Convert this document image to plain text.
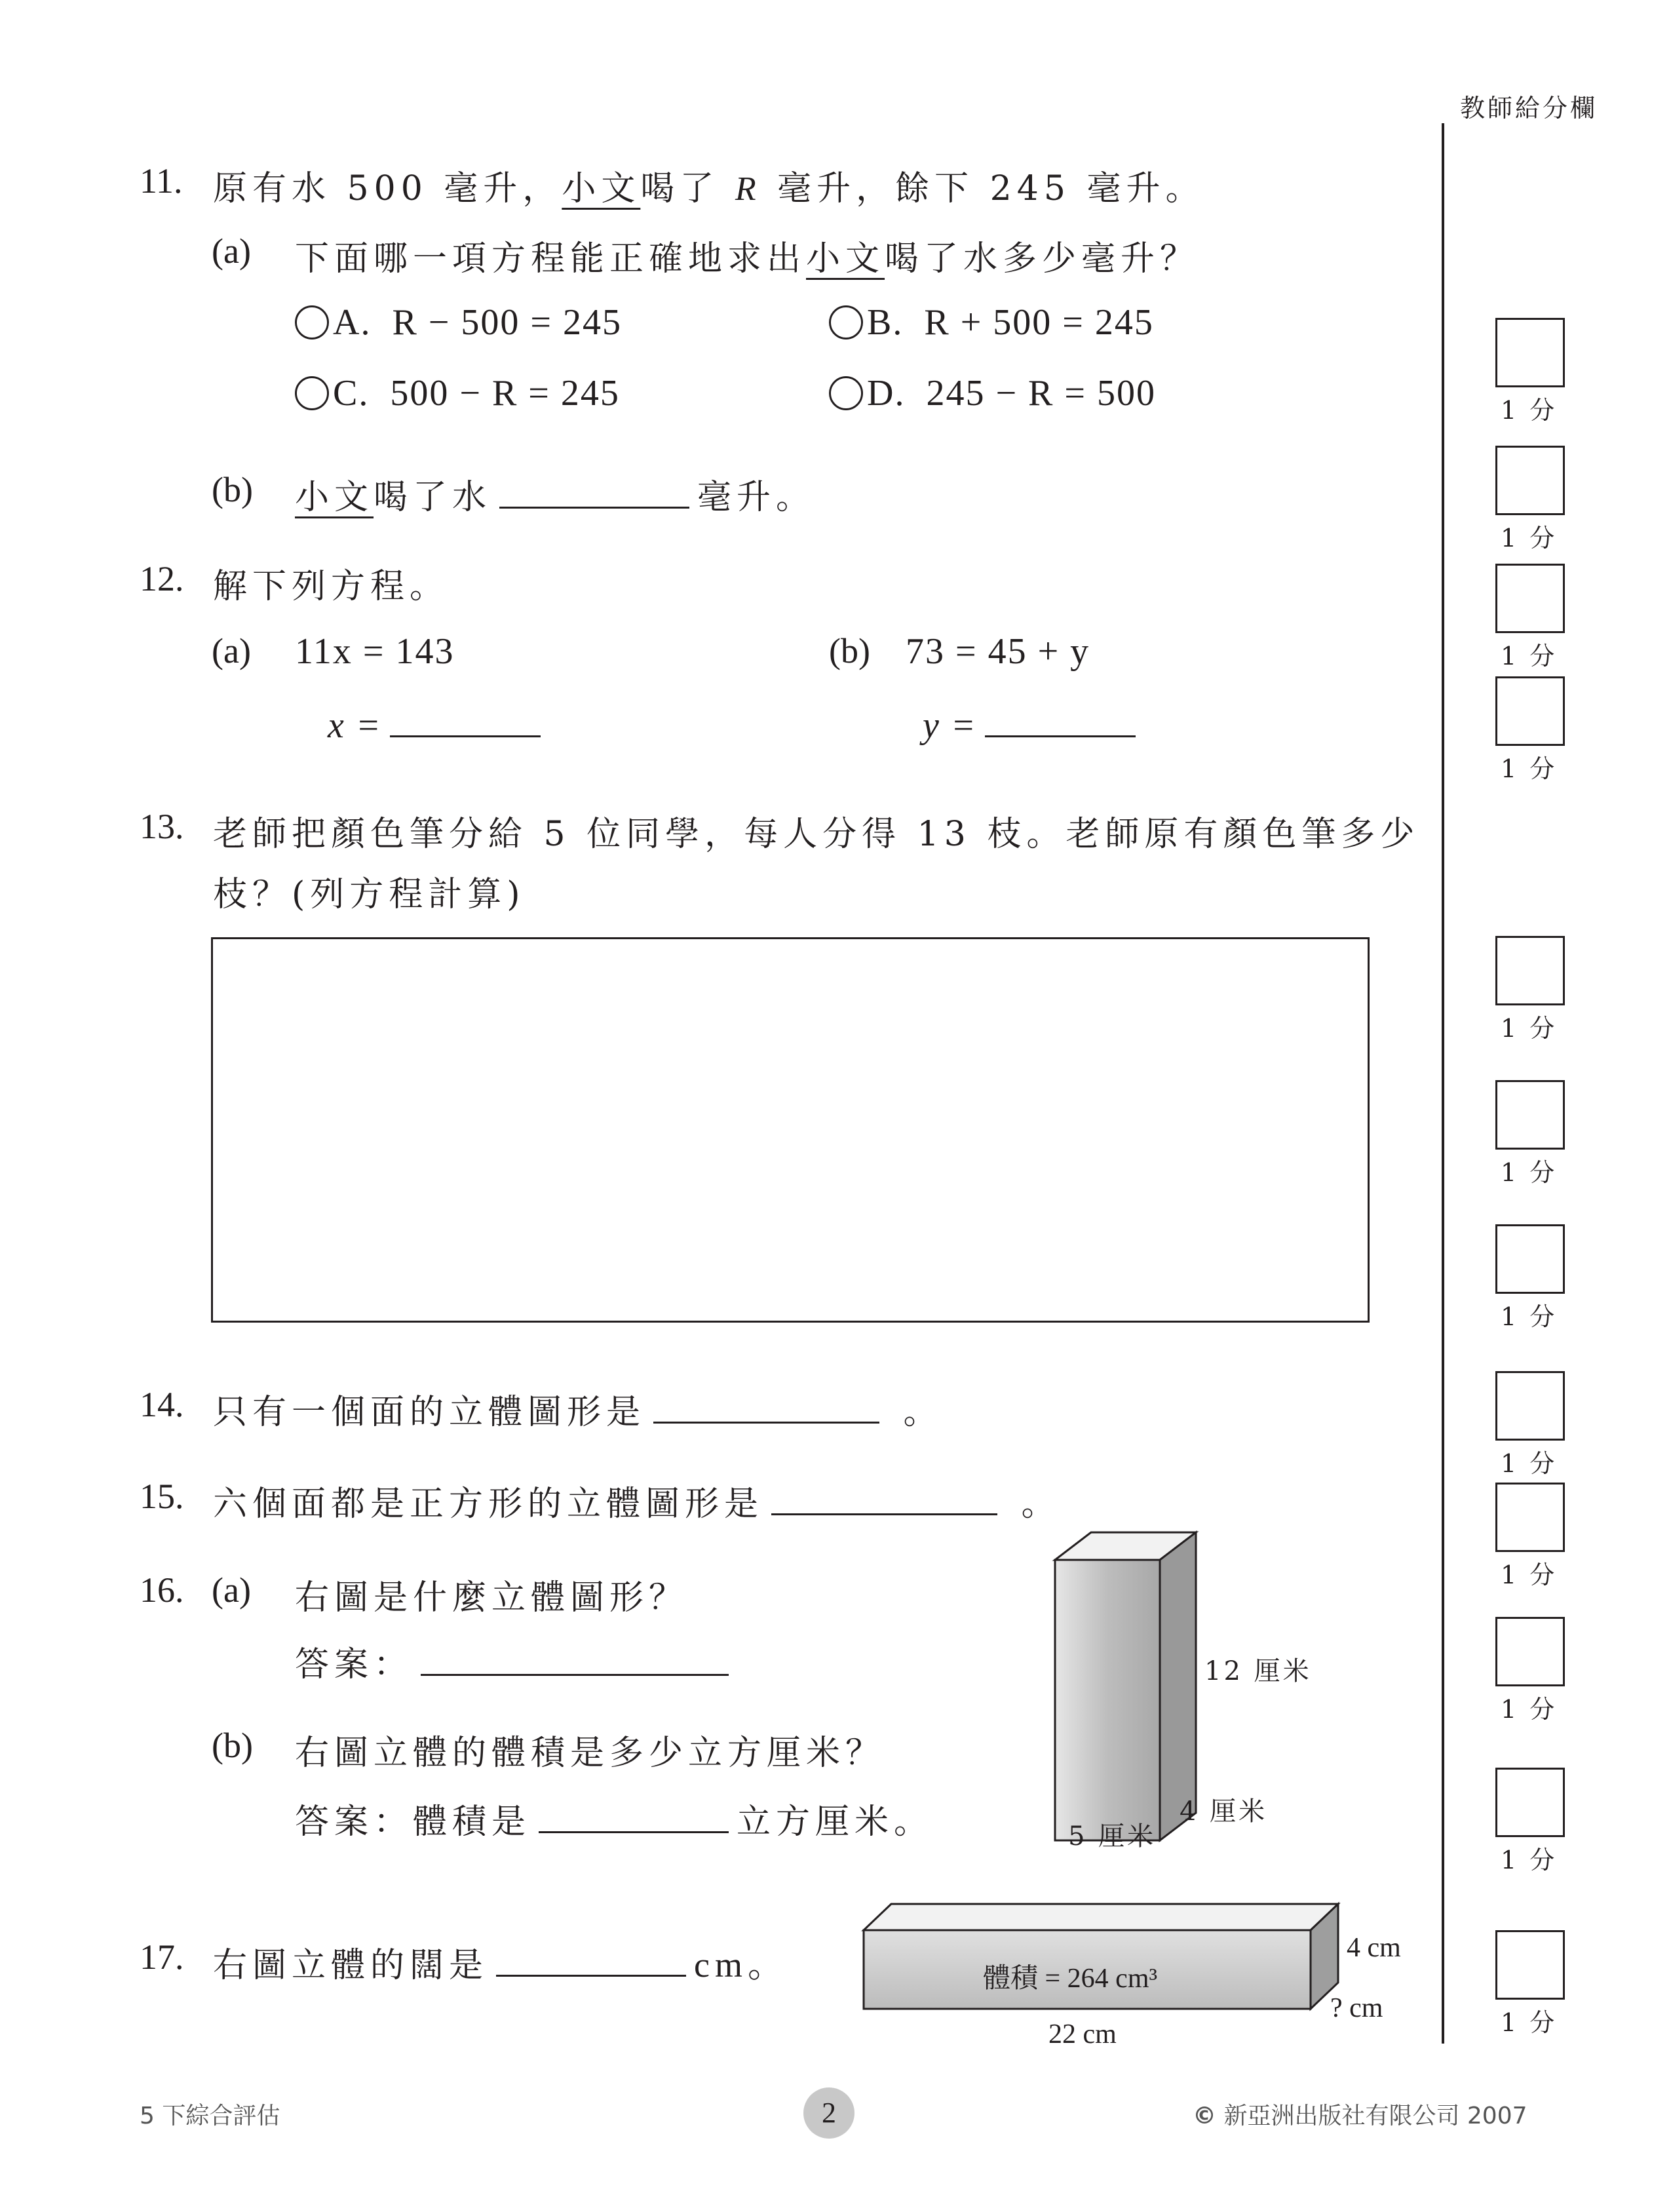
教師給分欄
11. 原有水 500 毫升，小文喝了 R 毫升，餘下 245 毫升。
(a) 下面哪一項方程能正確地求出小文喝了水多少毫升？
A. R − 500 = 245	B. R + 500 = 245
C. 500 − R = 245	D. 245 − R = 500
(b) 小文喝了水	毫升。
12. 解下列方程。
(a) 11x = 143
x =
(b) 73 = 45 + y
y =
13. 老師把顏色筆分給 5 位同學，每人分得 13 枝。老師原有顏色筆多少
枝？(列方程計算)
14. 只有一個面的立體圖形是	。
15. 六個面都是正方形的立體圖形是	。
16. (a) 右圖是什麼立體圖形？
答案：
(b) 右圖立體的體積是多少立方厘米？
答案：體積是	立方厘米。
12 厘米
4 厘米
5 厘米
17. 右圖立體的闊是	cm。	體積 = 264 cm³
4 cm
? cm
22 cm
1 分
1 分
1 分
1 分
1 分
1 分
1 分
1 分
1 分
1 分
1 分
1 分
5 下綜合評估	2	© 新亞洲出版社有限公司 2007
